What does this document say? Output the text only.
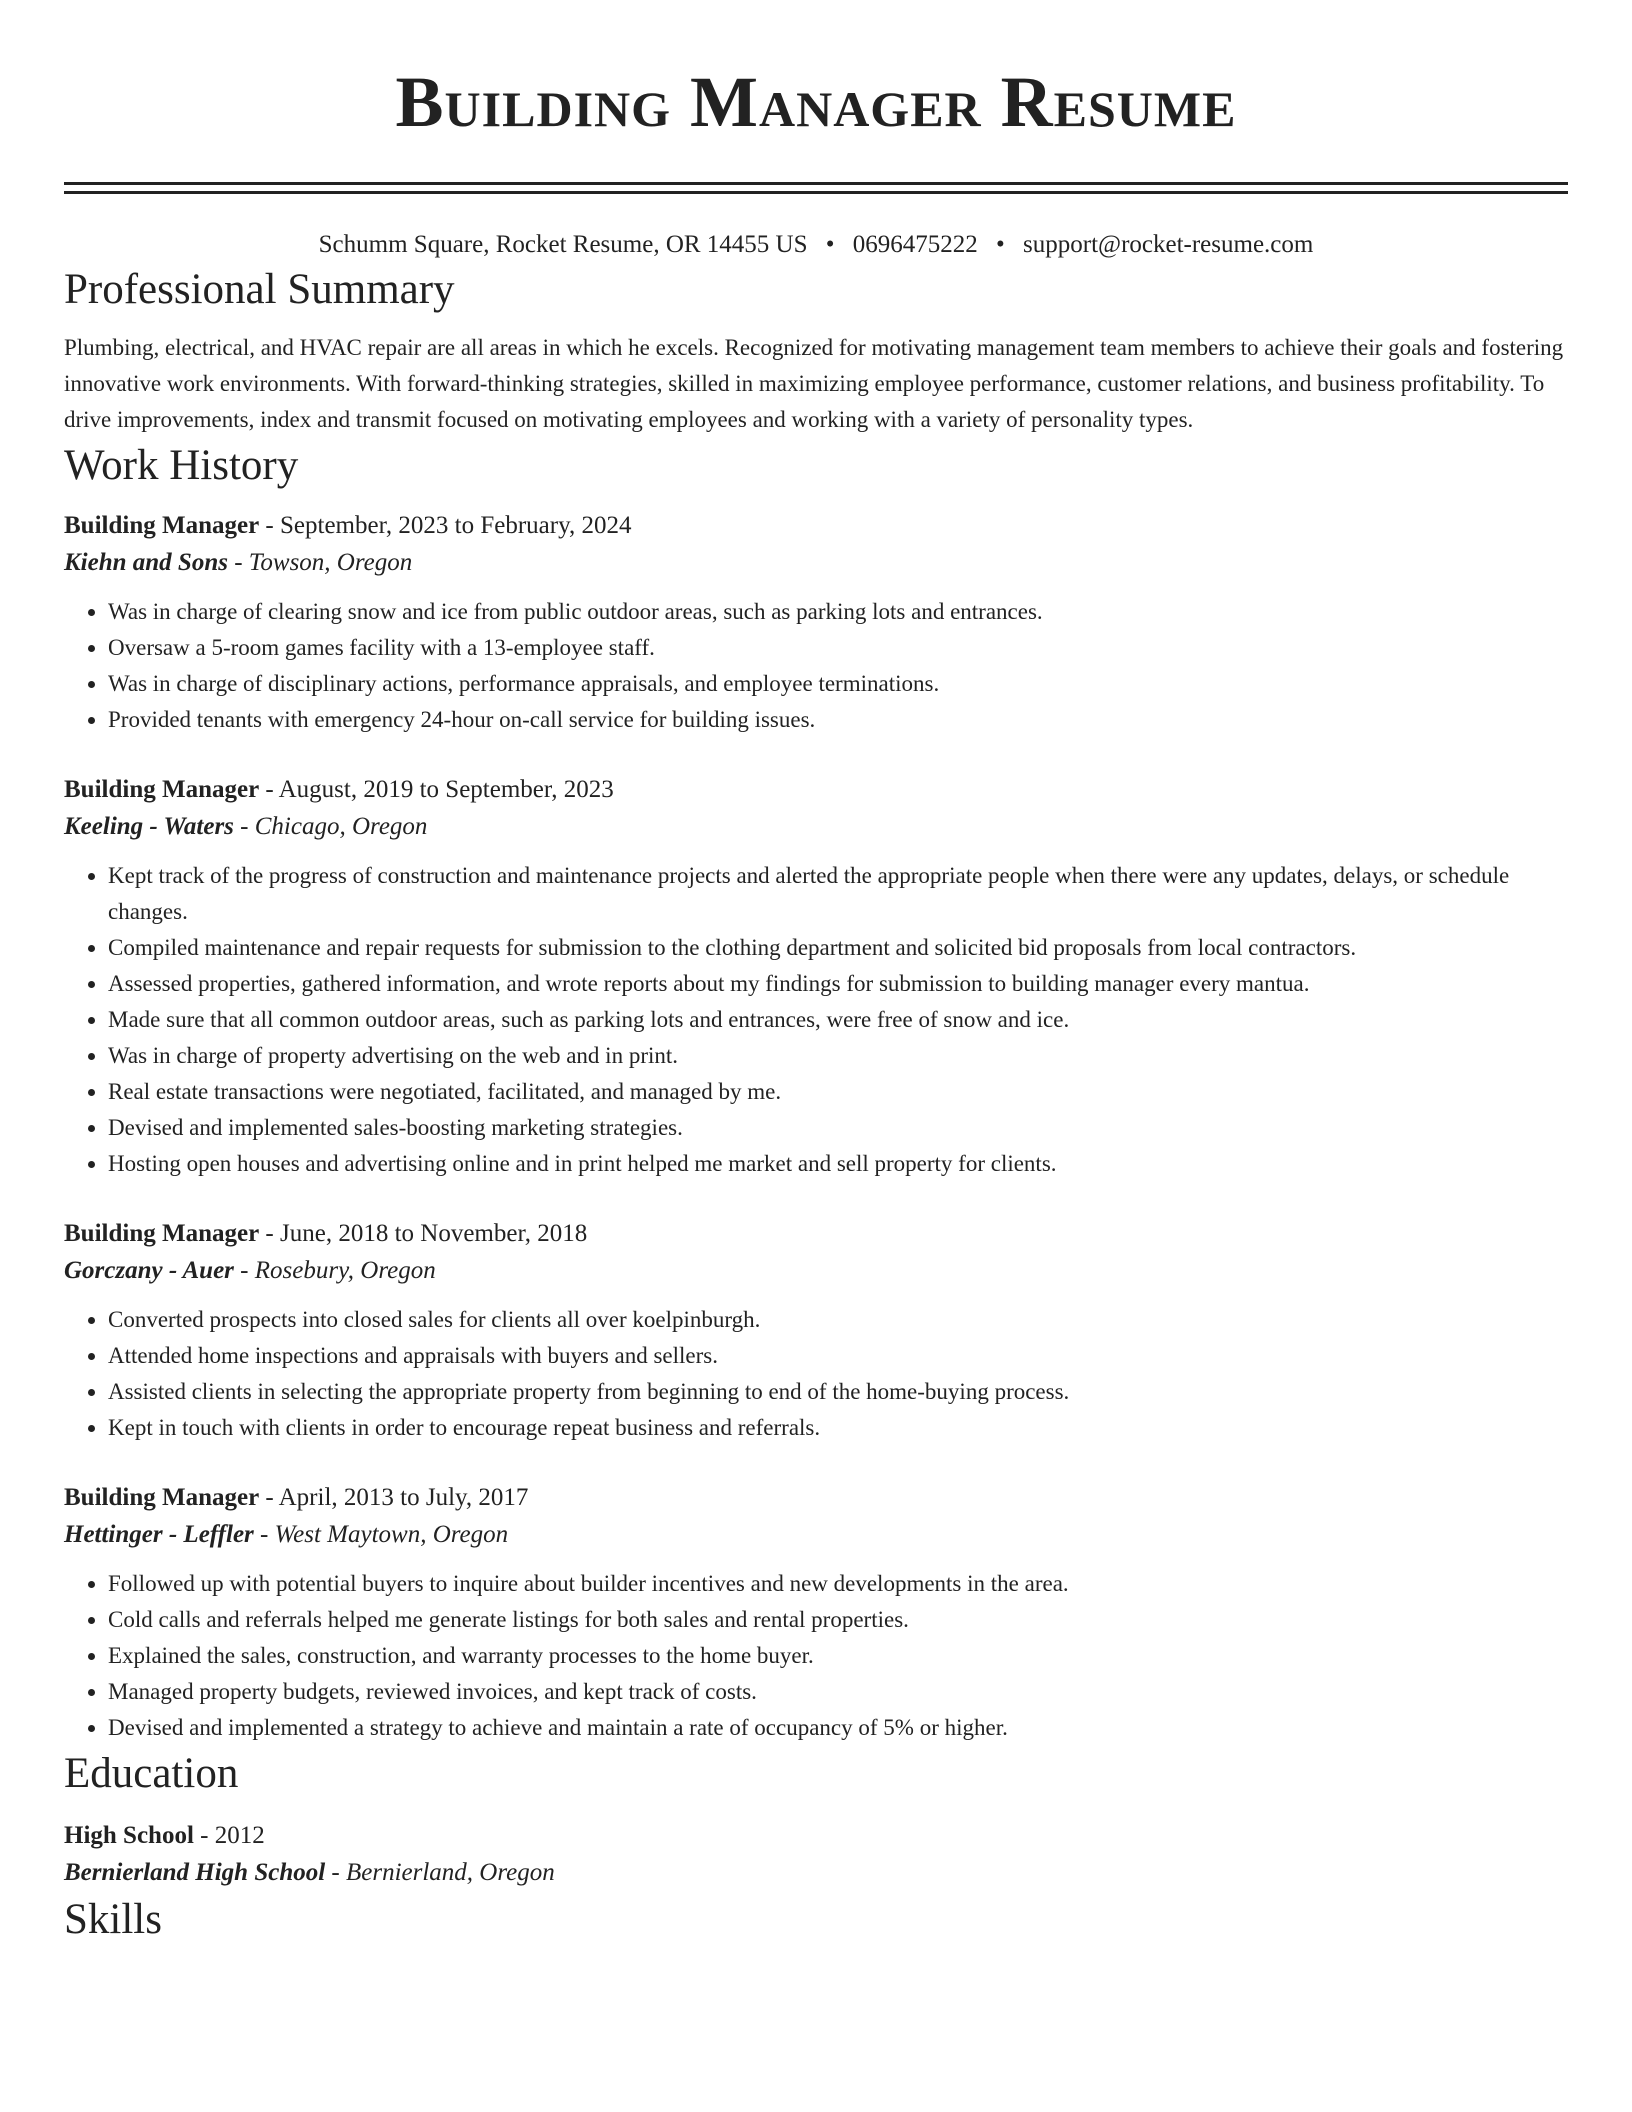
Building Manager Resume
Schumm Square, Rocket Resume, OR 14455 US • 0696475222 • support@rocket-resume.com
Professional Summary
Plumbing, electrical, and HVAC repair are all areas in which he excels. Recognized for motivating management team members to achieve their goals and fostering innovative work environments. With forward-thinking strategies, skilled in maximizing employee performance, customer relations, and business profitability. To drive improvements, index and transmit focused on motivating employees and working with a variety of personality types.
Work History
Building Manager - September, 2023 to February, 2024
Kiehn and Sons - Towson, Oregon
• Was in charge of clearing snow and ice from public outdoor areas, such as parking lots and entrances.
• Oversaw a 5-room games facility with a 13-employee staff.
• Was in charge of disciplinary actions, performance appraisals, and employee terminations.
• Provided tenants with emergency 24-hour on-call service for building issues.
Building Manager - August, 2019 to September, 2023
Keeling - Waters - Chicago, Oregon
• Kept track of the progress of construction and maintenance projects and alerted the appropriate people when there were any updates, delays, or schedule changes.
• Compiled maintenance and repair requests for submission to the clothing department and solicited bid proposals from local contractors.
• Assessed properties, gathered information, and wrote reports about my findings for submission to building manager every mantua.
• Made sure that all common outdoor areas, such as parking lots and entrances, were free of snow and ice.
• Was in charge of property advertising on the web and in print.
• Real estate transactions were negotiated, facilitated, and managed by me.
• Devised and implemented sales-boosting marketing strategies.
• Hosting open houses and advertising online and in print helped me market and sell property for clients.
Building Manager - June, 2018 to November, 2018
Gorczany - Auer - Rosebury, Oregon
• Converted prospects into closed sales for clients all over koelpinburgh.
• Attended home inspections and appraisals with buyers and sellers.
• Assisted clients in selecting the appropriate property from beginning to end of the home-buying process.
• Kept in touch with clients in order to encourage repeat business and referrals.
Building Manager - April, 2013 to July, 2017
Hettinger - Leffler - West Maytown, Oregon
• Followed up with potential buyers to inquire about builder incentives and new developments in the area.
• Cold calls and referrals helped me generate listings for both sales and rental properties.
• Explained the sales, construction, and warranty processes to the home buyer.
• Managed property budgets, reviewed invoices, and kept track of costs.
• Devised and implemented a strategy to achieve and maintain a rate of occupancy of 5% or higher.
Education
High School - 2012
Bernierland High School - Bernierland, Oregon
Skills
